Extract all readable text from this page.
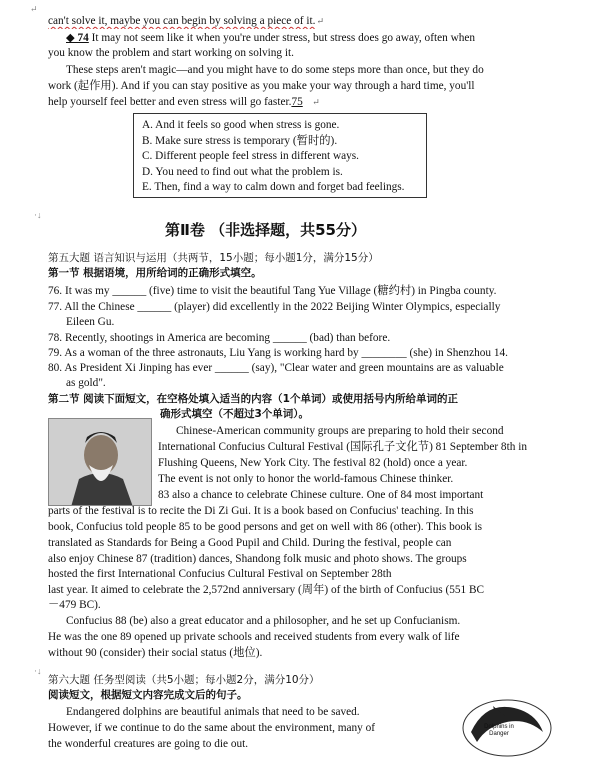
↵
·↓
can't solve it, maybe you can begin by solving a piece of it.↵
◆ 74 It may not seem like it when you're under stress, but stress does go away, often when
you know the problem and start working on solving it.
These steps aren't magic—and you might have to do some steps more than once, but they do
work (起作用). And if you can stay positive as you make your way through a hard time, you'll
help yourself feel better and even stress will go faster.75 ↵
A. And it feels so good when stress is gone.
B. Make sure stress is temporary (暂时的).
C. Different people feel stress in different ways.
D. You need to find out what the problem is.
E. Then, find a way to calm down and forget bad feelings.
第Ⅱ卷 （非选择题，共55分）
第五大题 语言知识与运用（共两节，15小题；每小题1分，满分15分）
第一节 根据语境，用所给词的正确形式填空。
76. It was my ______ (five) time to visit the beautiful Tang Yue Village (糖约村) in Pingba county.
77. All the Chinese ______ (player) did excellently in the 2022 Beijing Winter Olympics, especially
Eileen Gu.
78. Recently, shootings in America are becoming ______ (bad) than before.
79. As a woman of the three astronauts, Liu Yang is working hard by ________ (she) in Shenzhou 14.
80. As President Xi Jinping has ever ______ (say), "Clear water and green mountains are as valuable
as gold".
第二节 阅读下面短文，在空格处填入适当的内容（1个单词）或使用括号内所给单词的正
确形式填空（不超过3个单词）。
Chinese-American community groups are preparing to hold their second
International Confucius Cultural Festival (国际孔子文化节) 81 September 8th in
Flushing Queens, New York City. The festival 82 (hold) once a year.
The event is not only to honor the world-famous Chinese thinker.
83 also a chance to celebrate Chinese culture. One of 84 most important
parts of the festival is to recite the Di Zi Gui. It is a book based on Confucius' teaching. In this
book, Confucius told people 85 to be good persons and get on well with 86 (other). This book is
translated as Standards for Being a Good Pupil and Child. During the festival, people can
also enjoy Chinese 87 (tradition) dances, Shandong folk music and photo shows. The groups
hosted the first International Confucius Cultural Festival on September 28th
last year. It aimed to celebrate the 2,572nd anniversary (周年) of the birth of Confucius (551 BC
－479 BC).
Confucius 88 (be) also a great educator and a philosopher, and he set up Confucianism.
He was the one 89 opened up private schools and received students from every walk of life
without 90 (consider) their social status (地位).
·↓
第六大题 任务型阅读（共5小题；每小题2分，满分10分）
阅读短文，根据短文内容完成文后的句子。
Endangered dolphins are beautiful animals that need to be saved.
However, if we continue to do the same about the environment, many of
the wonderful creatures are going to die out.
Dolphins in Danger
